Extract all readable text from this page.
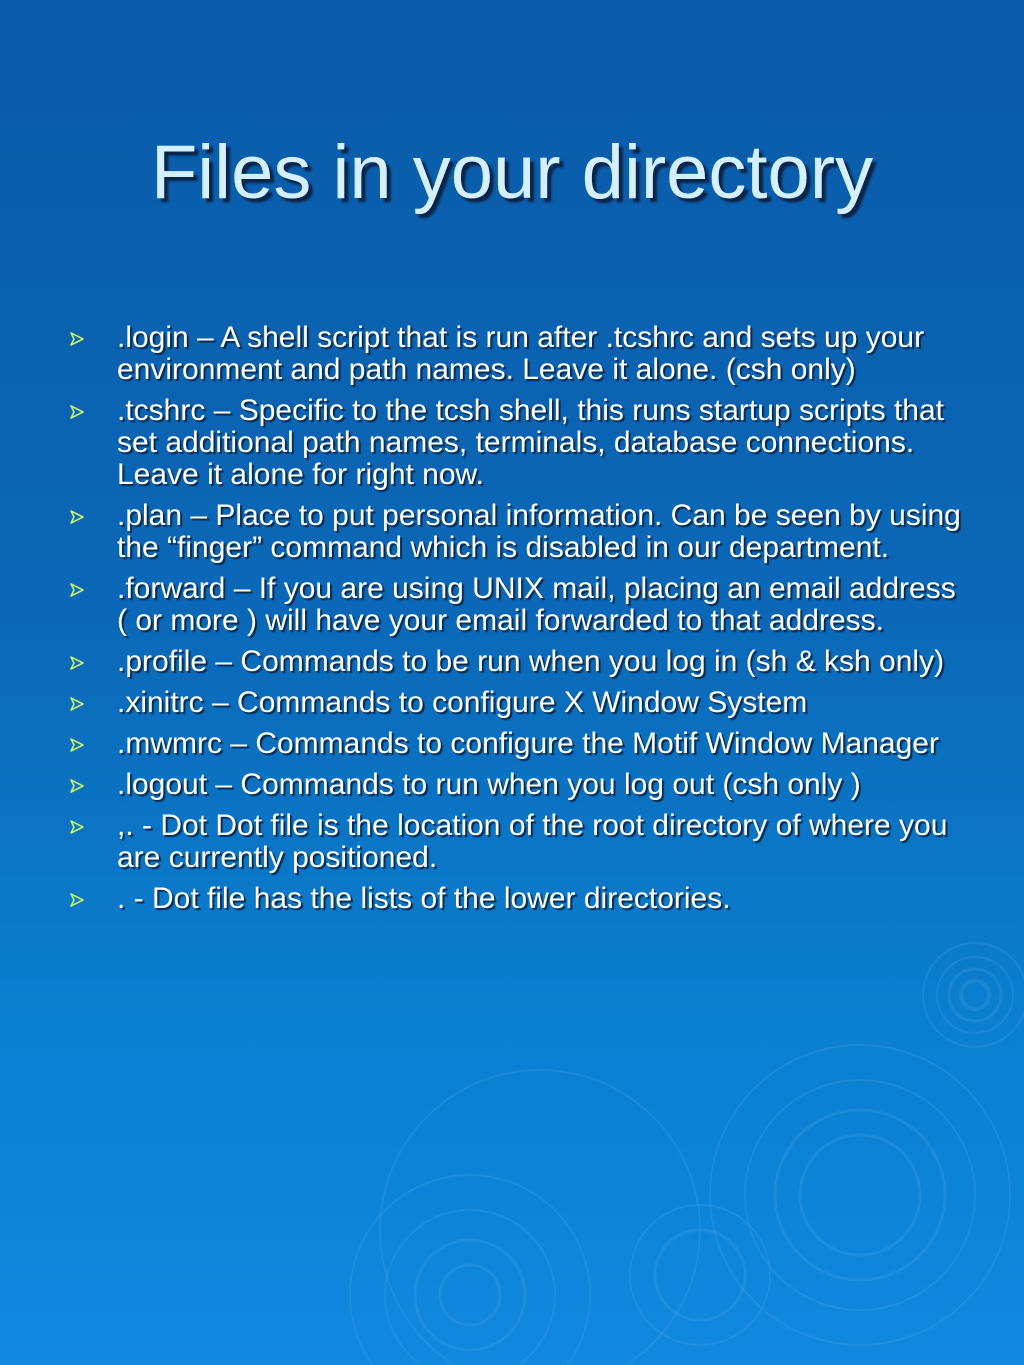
Files in your directory
.login – A shell script that is run after .tcshrc and sets up your environment and path names. Leave it alone. (csh only)
.tcshrc – Specific to the tcsh shell, this runs startup scripts that set additional path names, terminals, database connections. Leave it alone for right now.
.plan – Place to put personal information. Can be seen by using the “finger” command which is disabled in our department.
.forward – If you are using UNIX mail, placing an email address ( or more ) will have your email forwarded to that address.
.profile – Commands to be run when you log in (sh & ksh only)
.xinitrc – Commands to configure X Window System
.mwmrc – Commands to configure the Motif Window Manager
.logout – Commands to run when you log out (csh only )
,. - Dot Dot file is the location of the root directory of where you are currently positioned.
. - Dot file has the lists of the lower directories.
